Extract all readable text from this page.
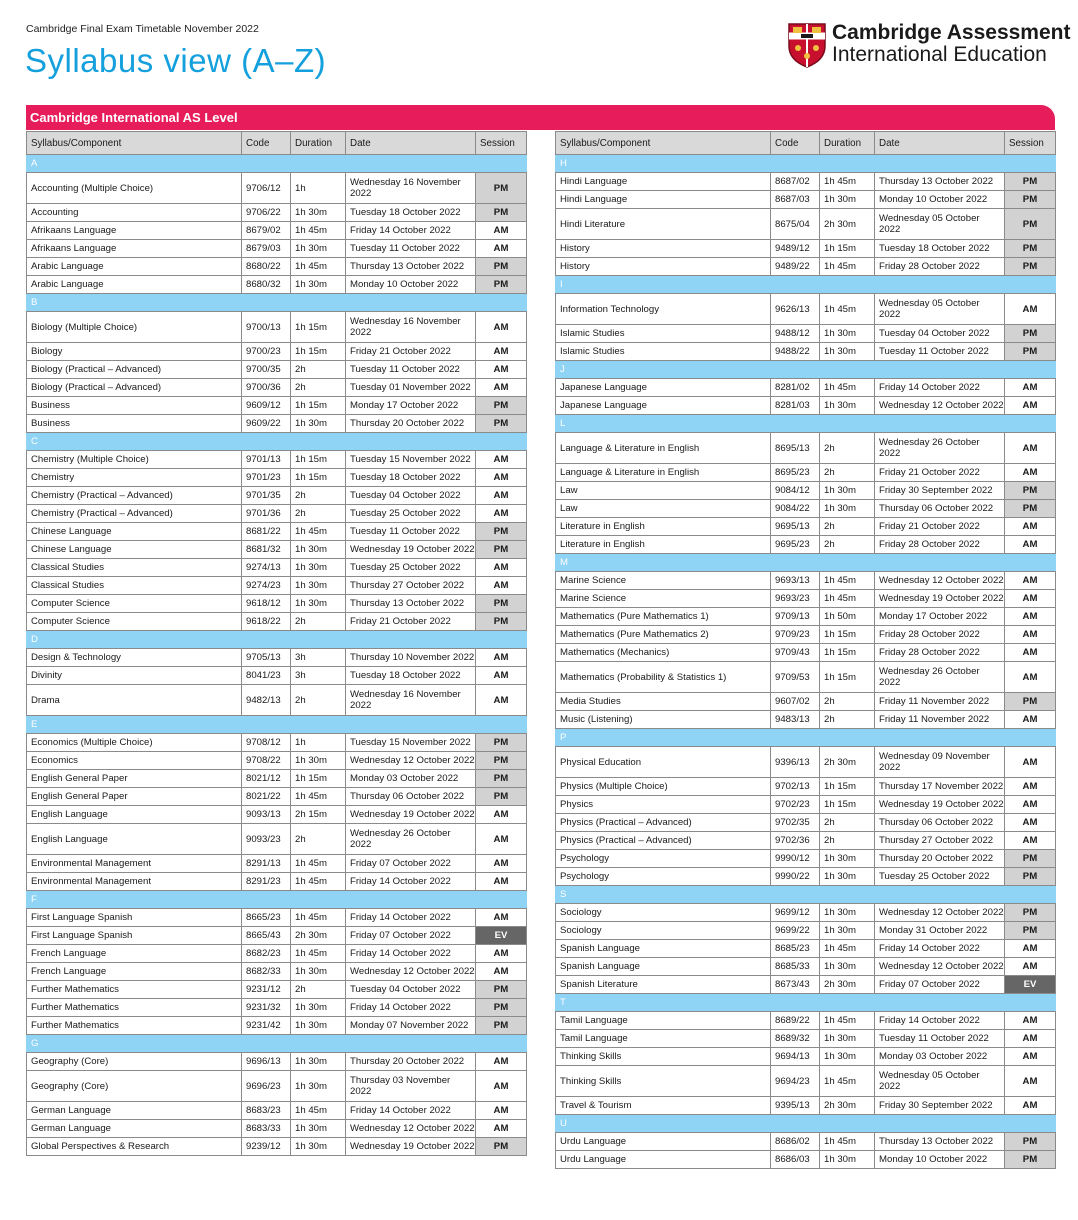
Cambridge Final Exam Timetable November 2022
Syllabus view (A–Z)
Cambridge Assessment
International Education
Cambridge International AS Level
Syllabus/Component	Code	Duration	Date	Session
A				
Accounting (Multiple Choice)	9706/12	1h	Wednesday 16 November 2022	PM
Accounting	9706/22	1h 30m	Tuesday 18 October 2022	PM
Afrikaans Language	8679/02	1h 45m	Friday 14 October 2022	AM
Afrikaans Language	8679/03	1h 30m	Tuesday 11 October 2022	AM
Arabic Language	8680/22	1h 45m	Thursday 13 October 2022	PM
Arabic Language	8680/32	1h 30m	Monday 10 October 2022	PM
B				
Biology (Multiple Choice)	9700/13	1h 15m	Wednesday 16 November 2022	AM
Biology	9700/23	1h 15m	Friday 21 October 2022	AM
Biology (Practical – Advanced)	9700/35	2h	Tuesday 11 October 2022	AM
Biology (Practical – Advanced)	9700/36	2h	Tuesday 01 November 2022	AM
Business	9609/12	1h 15m	Monday 17 October 2022	PM
Business	9609/22	1h 30m	Thursday 20 October 2022	PM
C				
Chemistry (Multiple Choice)	9701/13	1h 15m	Tuesday 15 November 2022	AM
Chemistry	9701/23	1h 15m	Tuesday 18 October 2022	AM
Chemistry (Practical – Advanced)	9701/35	2h	Tuesday 04 October 2022	AM
Chemistry (Practical – Advanced)	9701/36	2h	Tuesday 25 October 2022	AM
Chinese Language	8681/22	1h 45m	Tuesday 11 October 2022	PM
Chinese Language	8681/32	1h 30m	Wednesday 19 October 2022	PM
Classical Studies	9274/13	1h 30m	Tuesday 25 October 2022	AM
Classical Studies	9274/23	1h 30m	Thursday 27 October 2022	AM
Computer Science	9618/12	1h 30m	Thursday 13 October 2022	PM
Computer Science	9618/22	2h	Friday 21 October 2022	PM
D				
Design & Technology	9705/13	3h	Thursday 10 November 2022	AM
Divinity	8041/23	3h	Tuesday 18 October 2022	AM
Drama	9482/13	2h	Wednesday 16 November 2022	AM
E				
Economics (Multiple Choice)	9708/12	1h	Tuesday 15 November 2022	PM
Economics	9708/22	1h 30m	Wednesday 12 October 2022	PM
English General Paper	8021/12	1h 15m	Monday 03 October 2022	PM
English General Paper	8021/22	1h 45m	Thursday 06 October 2022	PM
English Language	9093/13	2h 15m	Wednesday 19 October 2022	AM
English Language	9093/23	2h	Wednesday 26 October 2022	AM
Environmental Management	8291/13	1h 45m	Friday 07 October 2022	AM
Environmental Management	8291/23	1h 45m	Friday 14 October 2022	AM
F				
First Language Spanish	8665/23	1h 45m	Friday 14 October 2022	AM
First Language Spanish	8665/43	2h 30m	Friday 07 October 2022	EV
French Language	8682/23	1h 45m	Friday 14 October 2022	AM
French Language	8682/33	1h 30m	Wednesday 12 October 2022	AM
Further Mathematics	9231/12	2h	Tuesday 04 October 2022	PM
Further Mathematics	9231/32	1h 30m	Friday 14 October 2022	PM
Further Mathematics	9231/42	1h 30m	Monday 07 November 2022	PM
G				
Geography (Core)	9696/13	1h 30m	Thursday 20 October 2022	AM
Geography (Core)	9696/23	1h 30m	Thursday 03 November 2022	AM
German Language	8683/23	1h 45m	Friday 14 October 2022	AM
German Language	8683/33	1h 30m	Wednesday 12 October 2022	AM
Global Perspectives & Research	9239/12	1h 30m	Wednesday 19 October 2022	PM
Syllabus/Component	Code	Duration	Date	Session
H				
Hindi Language	8687/02	1h 45m	Thursday 13 October 2022	PM
Hindi Language	8687/03	1h 30m	Monday 10 October 2022	PM
Hindi Literature	8675/04	2h 30m	Wednesday 05 October 2022	PM
History	9489/12	1h 15m	Tuesday 18 October 2022	PM
History	9489/22	1h 45m	Friday 28 October 2022	PM
I				
Information Technology	9626/13	1h 45m	Wednesday 05 October 2022	AM
Islamic Studies	9488/12	1h 30m	Tuesday 04 October 2022	PM
Islamic Studies	9488/22	1h 30m	Tuesday 11 October 2022	PM
J				
Japanese Language	8281/02	1h 45m	Friday 14 October 2022	AM
Japanese Language	8281/03	1h 30m	Wednesday 12 October 2022	AM
L				
Language & Literature in English	8695/13	2h	Wednesday 26 October 2022	AM
Language & Literature in English	8695/23	2h	Friday 21 October 2022	AM
Law	9084/12	1h 30m	Friday 30 September 2022	PM
Law	9084/22	1h 30m	Thursday 06 October 2022	PM
Literature in English	9695/13	2h	Friday 21 October 2022	AM
Literature in English	9695/23	2h	Friday 28 October 2022	AM
M				
Marine Science	9693/13	1h 45m	Wednesday 12 October 2022	AM
Marine Science	9693/23	1h 45m	Wednesday 19 October 2022	AM
Mathematics (Pure Mathematics 1)	9709/13	1h 50m	Monday 17 October 2022	AM
Mathematics (Pure Mathematics 2)	9709/23	1h 15m	Friday 28 October 2022	AM
Mathematics (Mechanics)	9709/43	1h 15m	Friday 28 October 2022	AM
Mathematics (Probability & Statistics 1)	9709/53	1h 15m	Wednesday 26 October 2022	AM
Media Studies	9607/02	2h	Friday 11 November 2022	PM
Music (Listening)	9483/13	2h	Friday 11 November 2022	AM
P				
Physical Education	9396/13	2h 30m	Wednesday 09 November 2022	AM
Physics (Multiple Choice)	9702/13	1h 15m	Thursday 17 November 2022	AM
Physics	9702/23	1h 15m	Wednesday 19 October 2022	AM
Physics (Practical – Advanced)	9702/35	2h	Thursday 06 October 2022	AM
Physics (Practical – Advanced)	9702/36	2h	Thursday 27 October 2022	AM
Psychology	9990/12	1h 30m	Thursday 20 October 2022	PM
Psychology	9990/22	1h 30m	Tuesday 25 October 2022	PM
S				
Sociology	9699/12	1h 30m	Wednesday 12 October 2022	PM
Sociology	9699/22	1h 30m	Monday 31 October 2022	PM
Spanish Language	8685/23	1h 45m	Friday 14 October 2022	AM
Spanish Language	8685/33	1h 30m	Wednesday 12 October 2022	AM
Spanish Literature	8673/43	2h 30m	Friday 07 October 2022	EV
T				
Tamil Language	8689/22	1h 45m	Friday 14 October 2022	AM
Tamil Language	8689/32	1h 30m	Tuesday 11 October 2022	AM
Thinking Skills	9694/13	1h 30m	Monday 03 October 2022	AM
Thinking Skills	9694/23	1h 45m	Wednesday 05 October 2022	AM
Travel & Tourism	9395/13	2h 30m	Friday 30 September 2022	AM
U				
Urdu Language	8686/02	1h 45m	Thursday 13 October 2022	PM
Urdu Language	8686/03	1h 30m	Monday 10 October 2022	PM
